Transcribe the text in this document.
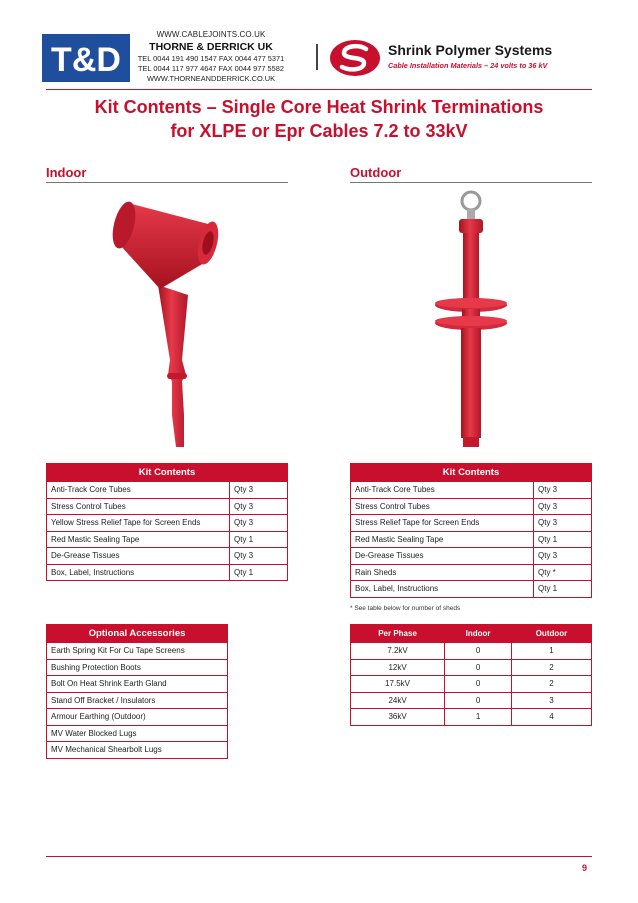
T&D
WWW.CABLEJOINTS.CO.UK
THORNE & DERRICK UK
TEL 0044 191 490 1547 FAX 0044 477 5371
TEL 0044 117 977 4647 FAX 0044 977 5582
WWW.THORNEANDDERRICK.CO.UK
Shrink Polymer Systems
Cable Installation Materials – 24 volts to 36 kV
Kit Contents – Single Core Heat Shrink Terminations
for XLPE or Epr Cables 7.2 to 33kV
Indoor	Outdoor
Kit Contents	
Anti-Track Core Tubes	Qty 3
Stress Control Tubes	Qty 3
Yellow Stress Relief Tape for Screen Ends	Qty 3
Red Mastic Sealing Tape	Qty 1
De-Grease Tissues	Qty 3
Box, Label, Instructions	Qty 1
Kit Contents	
Anti-Track Core Tubes	Qty 3
Stress Control Tubes	Qty 3
Stress Relief Tape for Screen Ends	Qty 3
Red Mastic Sealing Tape	Qty 1
De-Grease Tissues	Qty 3
Rain Sheds	Qty *
Box, Label, Instructions	Qty 1
* See table below for number of sheds
Optional Accessories
Earth Spring Kit For Cu Tape Screens
Bushing Protection Boots
Bolt On Heat Shrink Earth Gland
Stand Off Bracket / Insulators
Armour Earthing (Outdoor)
MV Water Blocked Lugs
MV Mechanical Shearbolt Lugs
Per Phase	Indoor	Outdoor
7.2kV	0	1
12kV	0	2
17.5kV	0	2
24kV	0	3
36kV	1	4
9
